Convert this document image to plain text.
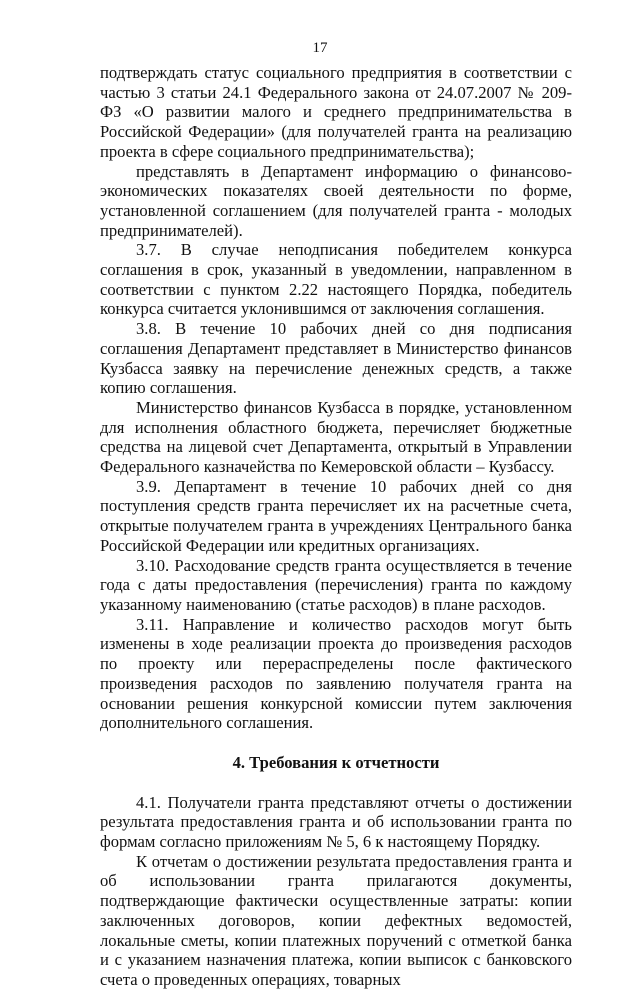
17

подтверждать статус социального предприятия в соответствии с частью 3 статьи 24.1 Федерального закона от 24.07.2007 № 209-ФЗ «О развитии малого и среднего предпринимательства в Российской Федерации» (для получателей гранта на реализацию проекта в сфере социального предпринимательства);

представлять в Департамент информацию о финансово-экономических показателях своей деятельности по форме, установленной соглашением (для получателей гранта - молодых предпринимателей).

3.7. В случае неподписания победителем конкурса соглашения в срок, указанный в уведомлении, направленном в соответствии с пунктом 2.22 настоящего Порядка, победитель конкурса считается уклонившимся от заключения соглашения.

3.8. В течение 10 рабочих дней со дня подписания соглашения Департамент представляет в Министерство финансов Кузбасса заявку на перечисление денежных средств, а также копию соглашения.

Министерство финансов Кузбасса в порядке, установленном для исполнения областного бюджета, перечисляет бюджетные средства на лицевой счет Департамента, открытый в Управлении Федерального казначейства по Кемеровской области – Кузбассу.

3.9. Департамент в течение 10 рабочих дней со дня поступления средств гранта перечисляет их на расчетные счета, открытые получателем гранта в учреждениях Центрального банка Российской Федерации или кредитных организациях.

3.10. Расходование средств гранта осуществляется в течение года с даты предоставления (перечисления) гранта по каждому указанному наименованию (статье расходов) в плане расходов.

3.11. Направление и количество расходов могут быть изменены в ходе реализации проекта до произведения расходов по проекту или перераспределены после фактического произведения расходов по заявлению получателя гранта на основании решения конкурсной комиссии путем заключения дополнительного соглашения.

4. Требования к отчетности

4.1. Получатели гранта представляют отчеты о достижении результата предоставления гранта и об использовании гранта по формам согласно приложениям № 5, 6 к настоящему Порядку.

К отчетам о достижении результата предоставления гранта и об использовании гранта прилагаются документы, подтверждающие фактически осуществленные затраты: копии заключенных договоров, копии дефектных ведомостей, локальные сметы, копии платежных поручений с отметкой банка и с указанием назначения платежа, копии выписок с банковского счета о проведенных операциях, товарных
